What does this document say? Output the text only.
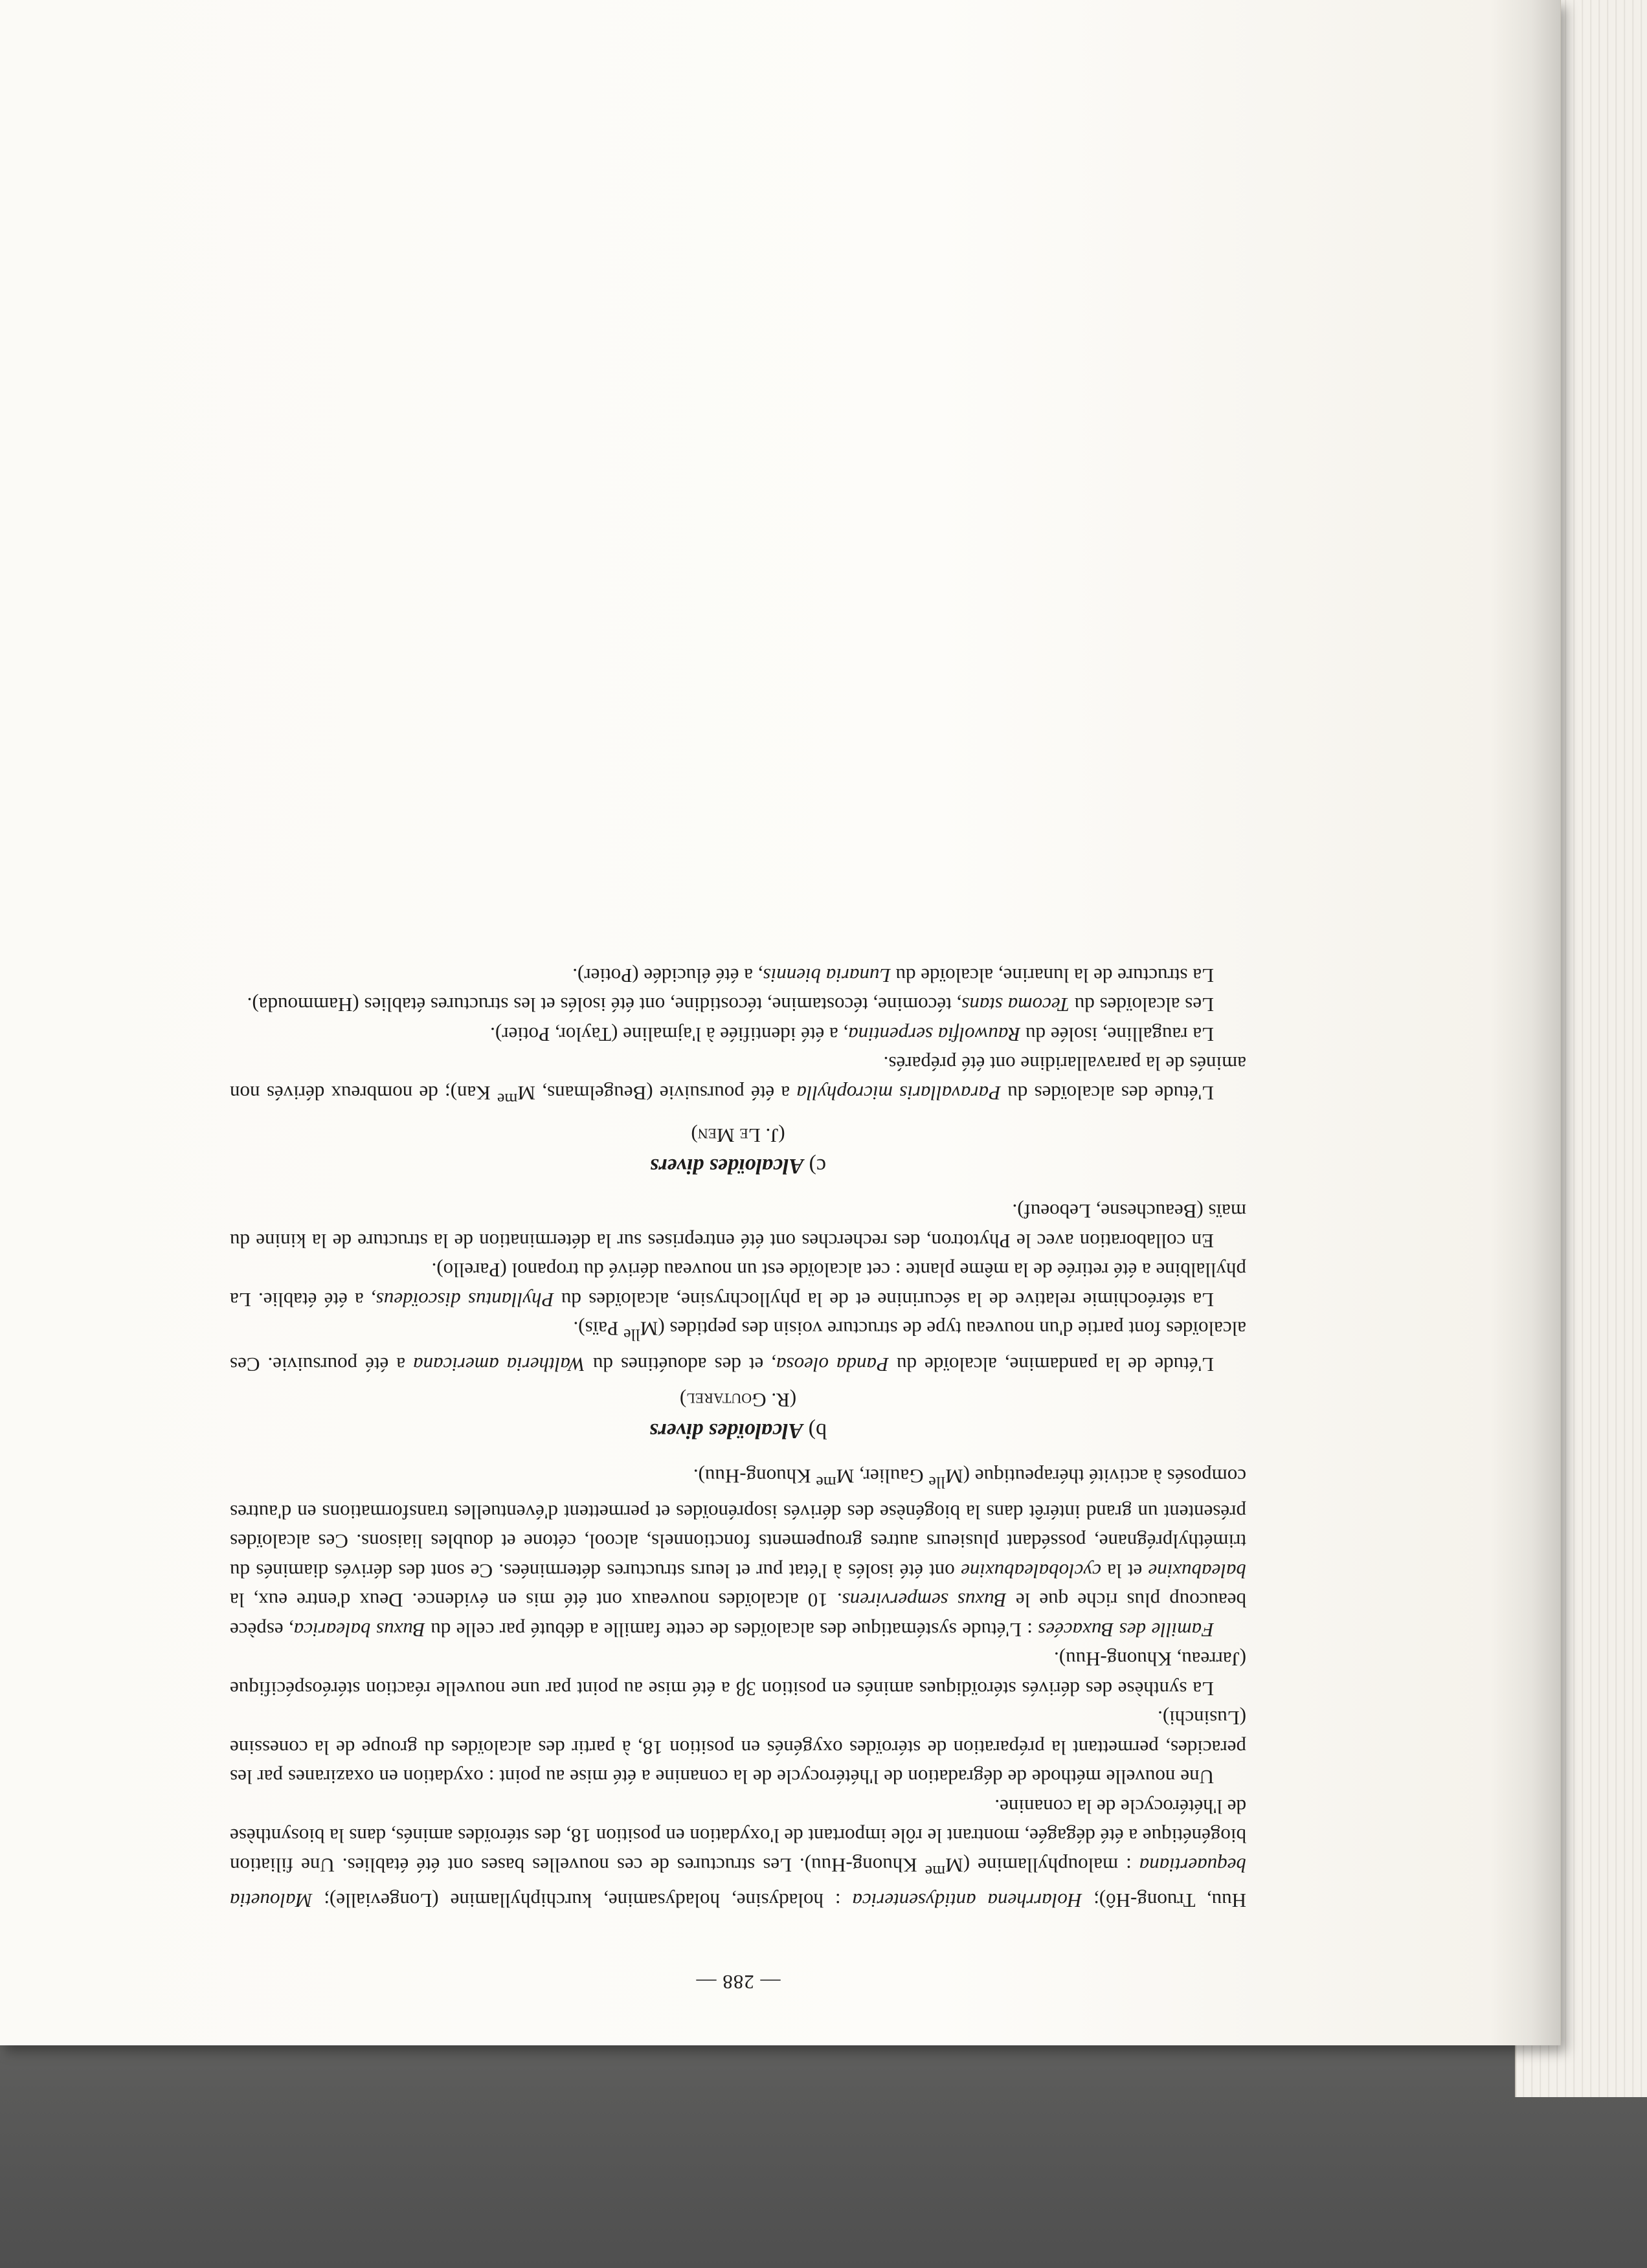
— 288 —

Huu, Truong-Hô); Holarrhena antidysenterica : holadysine, holadysamine, kurchiphyllamine (Longevialle); Malouetia bequaertiana : malouphyllamine ($M^{me}$ Khuong-Huu). Les structures de ces nouvelles bases ont été établies. Une filiation biogénétique a été dégagée, montrant le rôle important de l'oxydation en position 18, des stéroïdes aminés, dans la biosynthèse de l'hétérocycle de la conanine.

Une nouvelle méthode de dégradation de l'hétérocycle de la conanine a été mise au point : oxydation en oxaziranes par les peracides, permettant la préparation de stéroïdes oxygénés en position 18, à partir des alcaloïdes du groupe de la conessine (Lusinchi).

La synthèse des dérivés stéroïdiques aminés en position 3β a été mise au point par une nouvelle réaction stéréospécifique (Jarreau, Khuong-Huu).

Famille des Buxacées : L'étude systématique des alcaloïdes de cette famille a débuté par celle du Buxus balearica, espèce beaucoup plus riche que le Buxus sempervirens. 10 alcaloïdes nouveaux ont été mis en évidence. Deux d'entre eux, la baleabuxine et la cyclobaleabuxine ont été isolés à l'état pur et leurs structures déterminées. Ce sont des dérivés diaminés du triméthylprégnane, possédant plusieurs autres groupements fonctionnels, alcool, cétone et doubles liaisons. Ces alcaloïdes présentent un grand intérêt dans la biogénèse des dérivés isoprénoïdes et permettent d'éventuelles transformations en d'autres composés à activité thérapeutique ($M^{lle}$ Gaulier, $M^{me}$ Khuong-Huu).

b) Alcaloïdes divers
(R. Goutarel)

L'étude de la pandamine, alcaloïde du Panda oleosa, et des adouétines du Waltheria americana a été poursuivie. Ces alcaloïdes font partie d'un nouveau type de structure voisin des peptides ($M^{lle}$ Païs).

La stéréochimie relative de la sécurinine et de la phyllochrysine, alcaloïdes du Phyllantus discoïdeus, a été établie. La phyllalbine a été retirée de la même plante : cet alcaloïde est un nouveau dérivé du tropanol (Parello).

En collaboration avec le Phytotron, des recherches ont été entreprises sur la détermination de la structure de la kinine du maïs (Beauchesne, Leboeuf).

c) Alcaloïdes divers
(J. Le Men)

L'étude des alcaloïdes du Paravallaris microphylla a été poursuivie (Beugelmans, $M^{me}$ Kan); de nombreux dérivés non aminés de la paravallaridine ont été préparés.

La raugalline, isolée du Rauwolfia serpentina, a été identifiée à l'ajmaline (Taylor, Potier).

Les alcaloïdes du Tecoma stans, técomine, técostamine, técostidine, ont été isolés et les structures établies (Hammouda).

La structure de la lunarine, alcaloïde du Lunaria biennis, a été élucidée (Potier).
